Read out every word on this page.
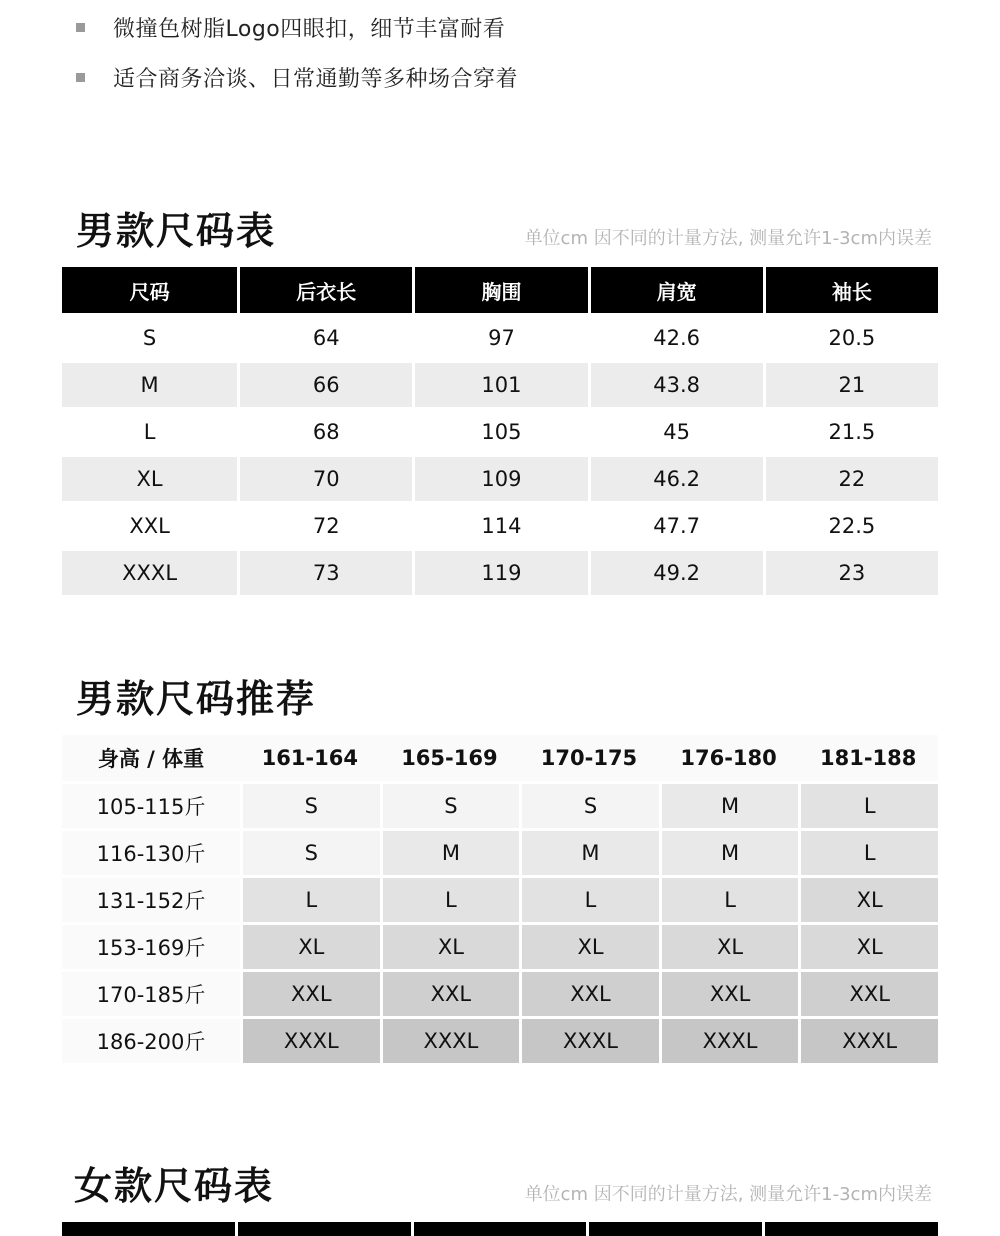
微撞色树脂Logo四眼扣，细节丰富耐看
适合商务洽谈、日常通勤等多种场合穿着
男款尺码表	单位cm 因不同的计量方法, 测量允许1-3cm内误差
尺码	后衣长	胸围	肩宽	袖长
S	64	97	42.6	20.5
M	66	101	43.8	21
L	68	105	45	21.5
XL	70	109	46.2	22
XXL	72	114	47.7	22.5
XXXL	73	119	49.2	23
男款尺码推荐
身高 / 体重	161-164	165-169	170-175	176-180	181-188
105-115斤	S	S	S	M	L
116-130斤	S	M	M	M	L
131-152斤	L	L	L	L	XL
153-169斤	XL	XL	XL	XL	XL
170-185斤	XXL	XXL	XXL	XXL	XXL
186-200斤	XXXL	XXXL	XXXL	XXXL	XXXL
女款尺码表	单位cm 因不同的计量方法, 测量允许1-3cm内误差
